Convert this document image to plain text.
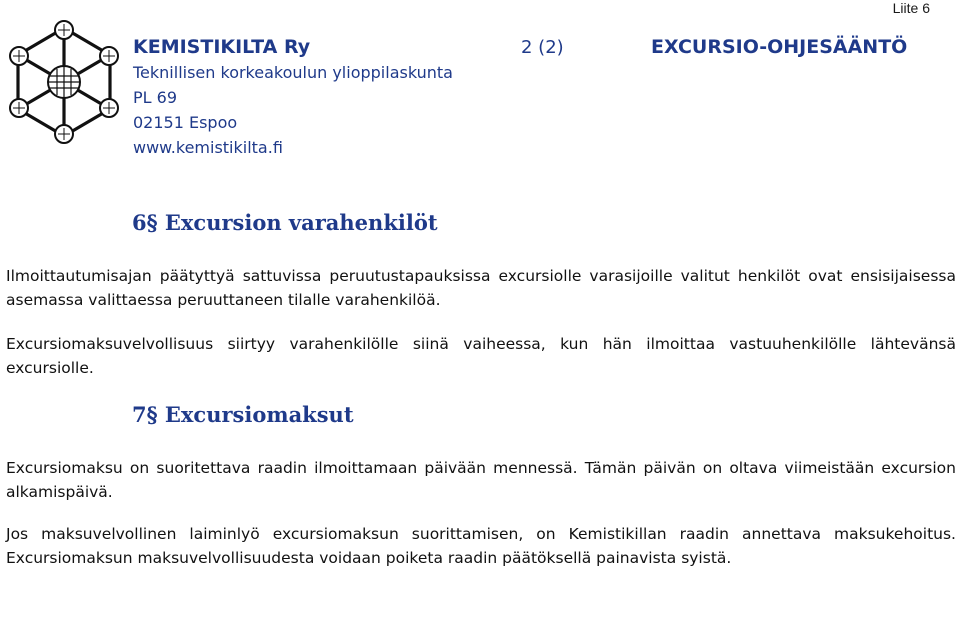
Liite 6
KEMISTIKILTA Ry
Teknillisen korkeakoulun ylioppilaskunta
PL 69
02151 Espoo
www.kemistikilta.fi
2 (2)	EXCURSIO-OHJESÄÄNTÖ
6§ Excursion varahenkilöt

Ilmoittautumisajan päätyttyä sattuvissa peruutustapauksissa excursiolle varasijoille valitut henkilöt ovat ensisijaisessa asemassa valittaessa peruuttaneen tilalle varahenkilöä.

Excursiomaksuvelvollisuus siirtyy varahenkilölle siinä vaiheessa, kun hän ilmoittaa vastuuhenkilölle lähtevänsä excursiolle.

7§ Excursiomaksut

Excursiomaksu on suoritettava raadin ilmoittamaan päivään mennessä. Tämän päivän on oltava viimeistään excursion alkamispäivä.

Jos maksuvelvollinen laiminlyö excursiomaksun suorittamisen, on Kemistikillan raadin annettava maksukehoitus. Excursiomaksun maksuvelvollisuudesta voidaan poiketa raadin päätöksellä painavista syistä.
